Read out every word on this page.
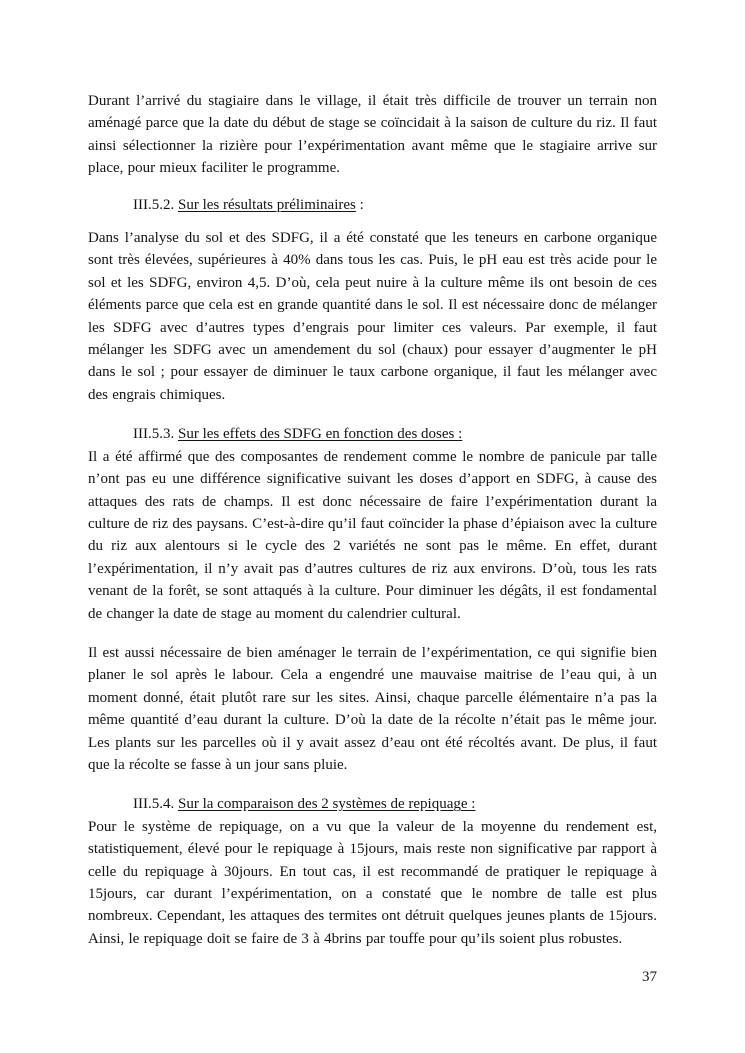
Durant l’arrivé du stagiaire dans le village, il était très difficile de trouver un terrain non aménagé parce que la date du début de stage se coïncidait à la saison de culture du riz. Il faut ainsi sélectionner la rizière pour l’expérimentation avant même que le stagiaire arrive sur place, pour mieux faciliter le programme.

III.5.2. Sur les résultats préliminaires :

Dans l’analyse du sol et des SDFG, il a été constaté que les teneurs en carbone organique sont très élevées, supérieures à 40% dans tous les cas. Puis, le pH eau est très acide pour le sol et les SDFG, environ 4,5. D’où, cela peut nuire à la culture même ils ont besoin de ces éléments parce que cela est en grande quantité dans le sol. Il est nécessaire donc de mélanger les SDFG avec d’autres types d’engrais pour limiter ces valeurs. Par exemple, il faut mélanger les SDFG avec un amendement du sol (chaux) pour essayer d’augmenter le pH dans le sol ; pour essayer de diminuer le taux carbone organique, il faut les mélanger avec des engrais chimiques.

III.5.3. Sur les effets des SDFG en fonction des doses :

Il a été affirmé que des composantes de rendement comme le nombre de panicule par talle n’ont pas eu une différence significative suivant les doses d’apport en SDFG, à cause des attaques des rats de champs. Il est donc nécessaire de faire l’expérimentation durant la culture de riz des paysans. C’est-à-dire qu’il faut coïncider la phase d’épiaison avec la culture du riz aux alentours si le cycle des 2 variétés ne sont pas le même. En effet, durant l’expérimentation, il n’y avait pas d’autres cultures de riz aux environs. D’où, tous les rats venant de la forêt, se sont attaqués à la culture. Pour diminuer les dégâts, il est fondamental de changer la date de stage au moment du calendrier cultural.

Il est aussi nécessaire de bien aménager le terrain de l’expérimentation, ce qui signifie bien planer le sol après le labour. Cela a engendré une mauvaise maitrise de l’eau qui, à un moment donné, était plutôt rare sur les sites. Ainsi, chaque parcelle élémentaire n’a pas la même quantité d’eau durant la culture. D’où la date de la récolte n’était pas le même jour. Les plants sur les parcelles où il y avait assez d’eau ont été récoltés avant. De plus, il faut que la récolte se fasse à un jour sans pluie.

III.5.4. Sur la comparaison des 2 systèmes de repiquage :

Pour le système de repiquage, on a vu que la valeur de la moyenne du rendement est, statistiquement, élevé pour le repiquage à 15jours, mais reste non significative par rapport à celle du repiquage à 30jours. En tout cas, il est recommandé de pratiquer le repiquage à 15jours, car durant l’expérimentation, on a constaté que le nombre de talle est plus nombreux. Cependant, les attaques des termites ont détruit quelques jeunes plants de 15jours. Ainsi, le repiquage doit se faire de 3 à 4brins par touffe pour qu’ils soient plus robustes.

37
